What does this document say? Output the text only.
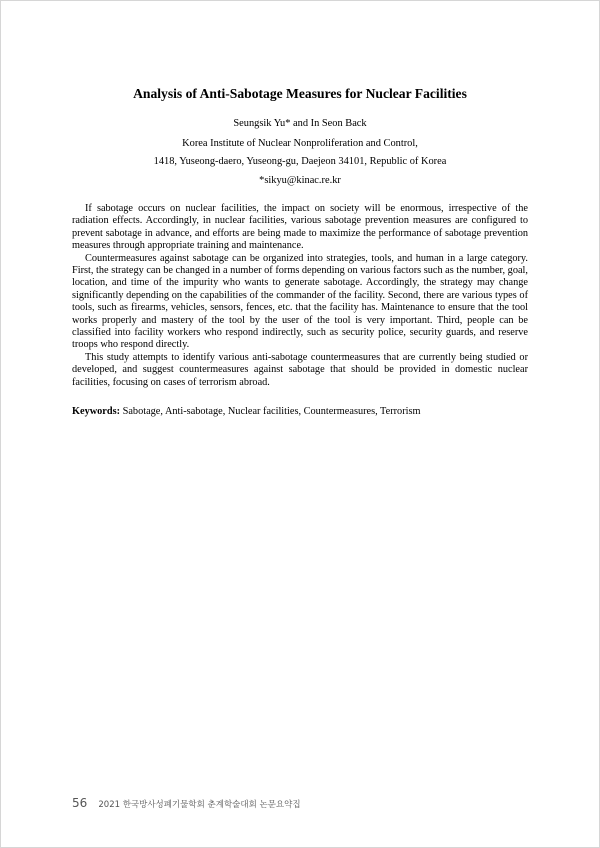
Analysis of Anti-Sabotage Measures for Nuclear Facilities
Seungsik Yu* and In Seon Back
Korea Institute of Nuclear Nonproliferation and Control,
1418, Yuseong-daero, Yuseong-gu, Daejeon 34101, Republic of Korea
*sikyu@kinac.re.kr

If sabotage occurs on nuclear facilities, the impact on society will be enormous, irrespective of the radiation effects. Accordingly, in nuclear facilities, various sabotage prevention measures are configured to prevent sabotage in advance, and efforts are being made to maximize the performance of sabotage prevention measures through appropriate training and maintenance.

Countermeasures against sabotage can be organized into strategies, tools, and human in a large category. First, the strategy can be changed in a number of forms depending on various factors such as the number, goal, location, and time of the impurity who wants to generate sabotage. Accordingly, the strategy may change significantly depending on the capabilities of the commander of the facility. Second, there are various types of tools, such as firearms, vehicles, sensors, fences, etc. that the facility has. Maintenance to ensure that the tool works properly and mastery of the tool by the user of the tool is very important. Third, people can be classified into facility workers who respond indirectly, such as security police, security guards, and reserve troops who respond directly.

This study attempts to identify various anti-sabotage countermeasures that are currently being studied or developed, and suggest countermeasures against sabotage that should be provided in domestic nuclear facilities, focusing on cases of terrorism abroad.

Keywords: Sabotage, Anti-sabotage, Nuclear facilities, Countermeasures, Terrorism
56 2021 한국방사성폐기물학회 춘계학술대회 논문요약집
